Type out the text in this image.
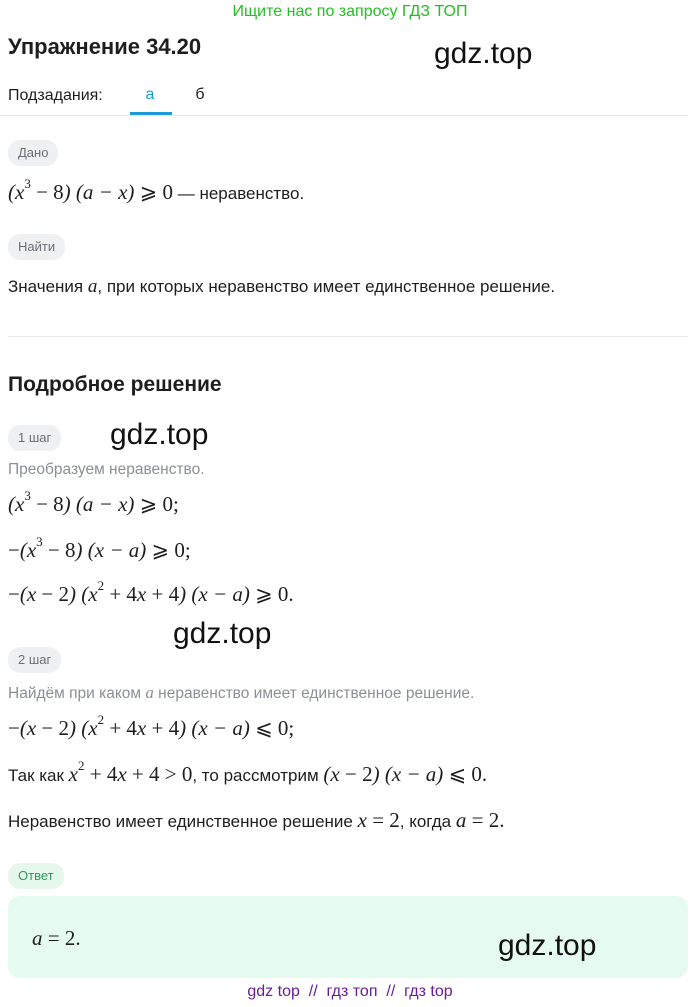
Ищите нас по запросу ГДЗ ТОП
Упражнение 34.20	gdz.top
Подзадания:	а	б
Дано
$(x^3 - 8) (a - x)$ ⩾ 0 — неравенство.
Найти
Значения a, при которых неравенство имеет единственное решение.
Подробное решение
1 шаг	gdz.top
Преобразуем неравенство.
$(x^3 - 8) (a - x)$ ⩾ 0;
$-(x^3 - 8) (x - a)$ ⩾ 0;
−(x − 2) $(x^2 + 4x + 4) (x - a)$ ⩾ 0.
gdz.top
2 шаг
Найдём при каком a неравенство имеет единственное решение.
−(x − 2) $(x^2 + 4x + 4) (x - a)$ ⩽ 0;
Так как $x^2 + 4x + 4 > 0$, то рассмотрим (x − 2) (x − a) ⩽ 0.
Неравенство имеет единственное решение x = 2, когда a = 2.
Ответ
a = 2.	gdz.top
gdz top  //  гдз топ  //  гдз top
